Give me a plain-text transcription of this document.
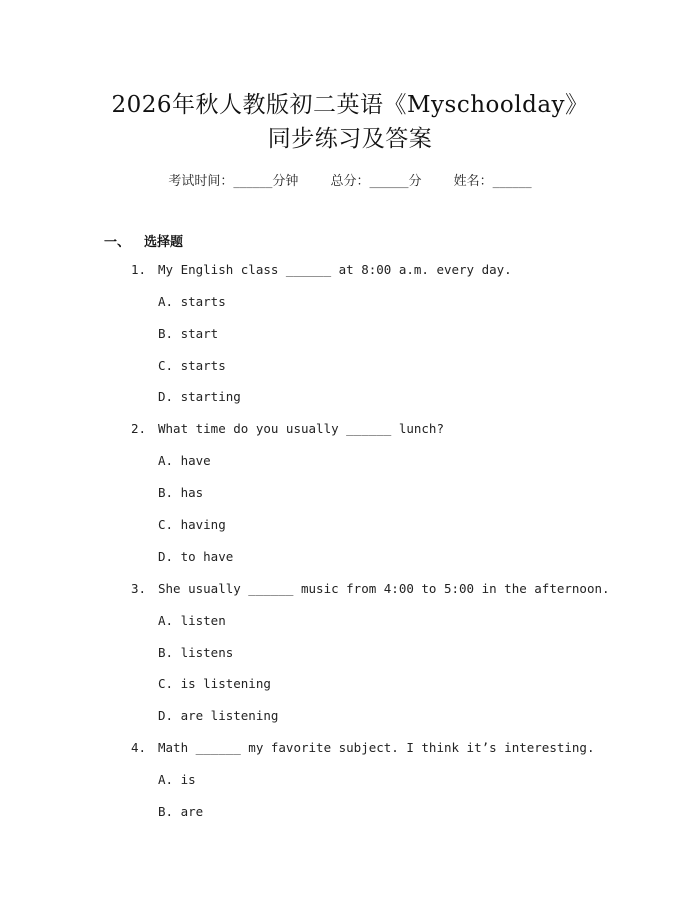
2026年秋人教版初二英语《Myschoolday》
同步练习及答案
考试时间：______分钟 总分：______分 姓名：______
一、 选择题
1. My English class ______ at 8:00 a.m. every day.
A. starts
B. start
C. starts
D. starting
2. What time do you usually ______ lunch?
A. have
B. has
C. having
D. to have
3. She usually ______ music from 4:00 to 5:00 in the afternoon.
A. listen
B. listens
C. is listening
D. are listening
4. Math ______ my favorite subject. I think it’s interesting.
A. is
B. are
